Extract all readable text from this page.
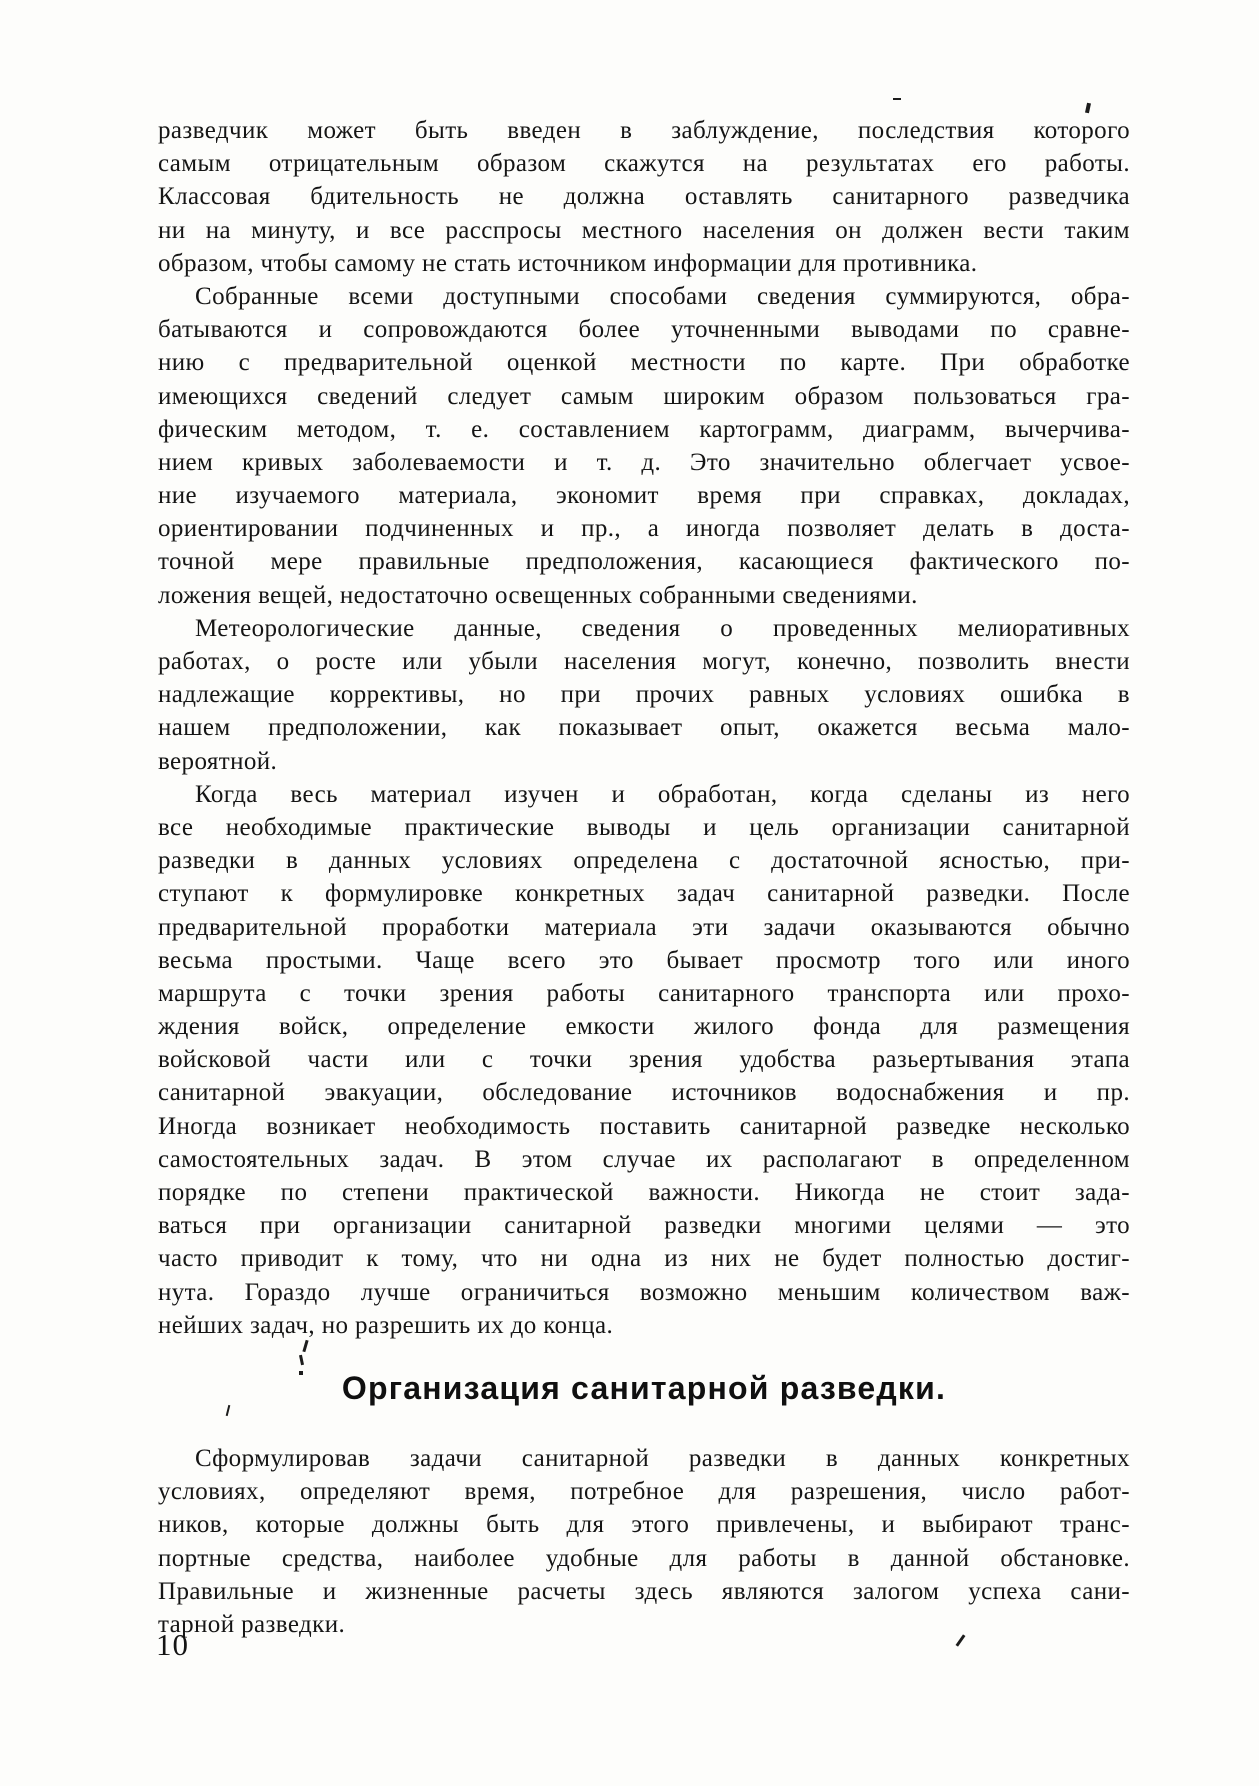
разведчик может быть введен в заблуждение, последствия которого
самым отрицательным образом скажутся на результатах его работы.
Классовая бдительность не должна оставлять санитарного разведчика
ни на минуту, и все расспросы местного населения он должен вести таким
образом, чтобы самому не стать источником информации для противника.
Собранные всеми доступными способами сведения суммируются, обра-
батываются и сопровождаются более уточненными выводами по сравне-
нию с предварительной оценкой местности по карте. При обработке
имеющихся сведений следует самым широким образом пользоваться гра-
фическим методом, т. е. составлением картограмм, диаграмм, вычерчива-
нием кривых заболеваемости и т. д. Это значительно облегчает усвое-
ние изучаемого материала, экономит время при справках, докладах,
ориентировании подчиненных и пр., а иногда позволяет делать в доста-
точной мере правильные предположения, касающиеся фактического по-
ложения вещей, недостаточно освещенных собранными сведениями.
Метеорологические данные, сведения о проведенных мелиоративных
работах, о росте или убыли населения могут, конечно, позволить внести
надлежащие коррективы, но при прочих равных условиях ошибка в
нашем предположении, как показывает опыт, окажется весьма мало-
вероятной.
Когда весь материал изучен и обработан, когда сделаны из него
все необходимые практические выводы и цель организации санитарной
разведки в данных условиях определена с достаточной ясностью, при-
ступают к формулировке конкретных задач санитарной разведки. После
предварительной проработки материала эти задачи оказываются обычно
весьма простыми. Чаще всего это бывает просмотр того или иного
маршрута с точки зрения работы санитарного транспорта или прохо-
ждения войск, определение емкости жилого фонда для размещения
войсковой части или с точки зрения удобства разьертывания этапа
санитарной эвакуации, обследование источников водоснабжения и пр.
Иногда возникает необходимость поставить санитарной разведке несколько
самостоятельных задач. В этом случае их располагают в определенном
порядке по степени практической важности. Никогда не стоит зада-
ваться при организации санитарной разведки многими целями — это
часто приводит к тому, что ни одна из них не будет полностью достиг-
нута. Гораздо лучше ограничиться возможно меньшим количеством важ-
нейших задач, но разрешить их до конца.
Организация санитарной разведки.
Сформулировав задачи санитарной разведки в данных конкретных
условиях, определяют время, потребное для разрешения, число работ-
ников, которые должны быть для этого привлечены, и выбирают транс-
портные средства, наиболее удобные для работы в данной обстановке.
Правильные и жизненные расчеты здесь являются залогом успеха сани-
тарной разведки.
10
